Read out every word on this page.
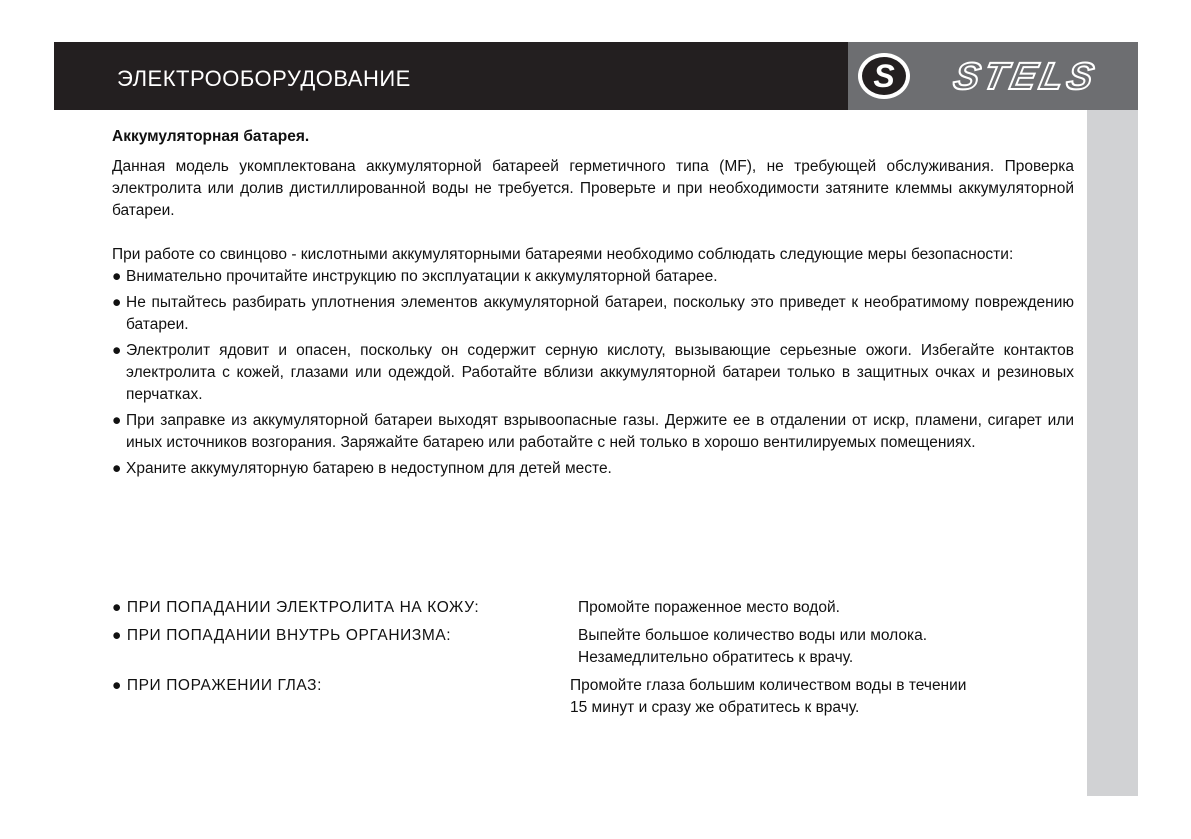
ЭЛЕКТРООБОРУДОВАНИЕ	S STELS
Аккумуляторная батарея.

Данная модель укомплектована аккумуляторной батареей герметичного типа (MF), не требующей обслуживания. Проверка электролита или долив дистиллированной воды не требуется. Проверьте и при необходимости затяните клеммы аккумуляторной батареи.

При работе со свинцово - кислотными аккумуляторными батареями необходимо соблюдать следующие меры безопасности:

● Внимательно прочитайте инструкцию по эксплуатации к аккумуляторной батарее.
● Не пытайтесь разбирать уплотнения элементов аккумуляторной батареи, поскольку это приведет к необратимому повреждению батареи.
● Электролит ядовит и опасен, поскольку он содержит серную кислоту, вызывающие серьезные ожоги. Избегайте контактов электролита с кожей, глазами или одеждой. Работайте вблизи аккумуляторной батареи только в защитных очках и резиновых перчатках.
● При заправке из аккумуляторной батареи выходят взрывоопасные газы. Держите ее в отдалении от искр, пламени, сигарет или иных источников возгорания. Заряжайте батарею или работайте с ней только в хорошо вентилируемых помещениях.
● Храните аккумуляторную батарею в недоступном для детей месте.
● ПРИ ПОПАДАНИИ ЭЛЕКТРОЛИТА НА КОЖУ:	Промойте пораженное место водой.
● ПРИ ПОПАДАНИИ ВНУТРЬ ОРГАНИЗМА:	Выпейте большое количество воды или молока.
Незамедлительно обратитесь к врачу.
● ПРИ ПОРАЖЕНИИ ГЛАЗ:	Промойте глаза большим количеством воды в течении
15 минут и сразу же обратитесь к врачу.
